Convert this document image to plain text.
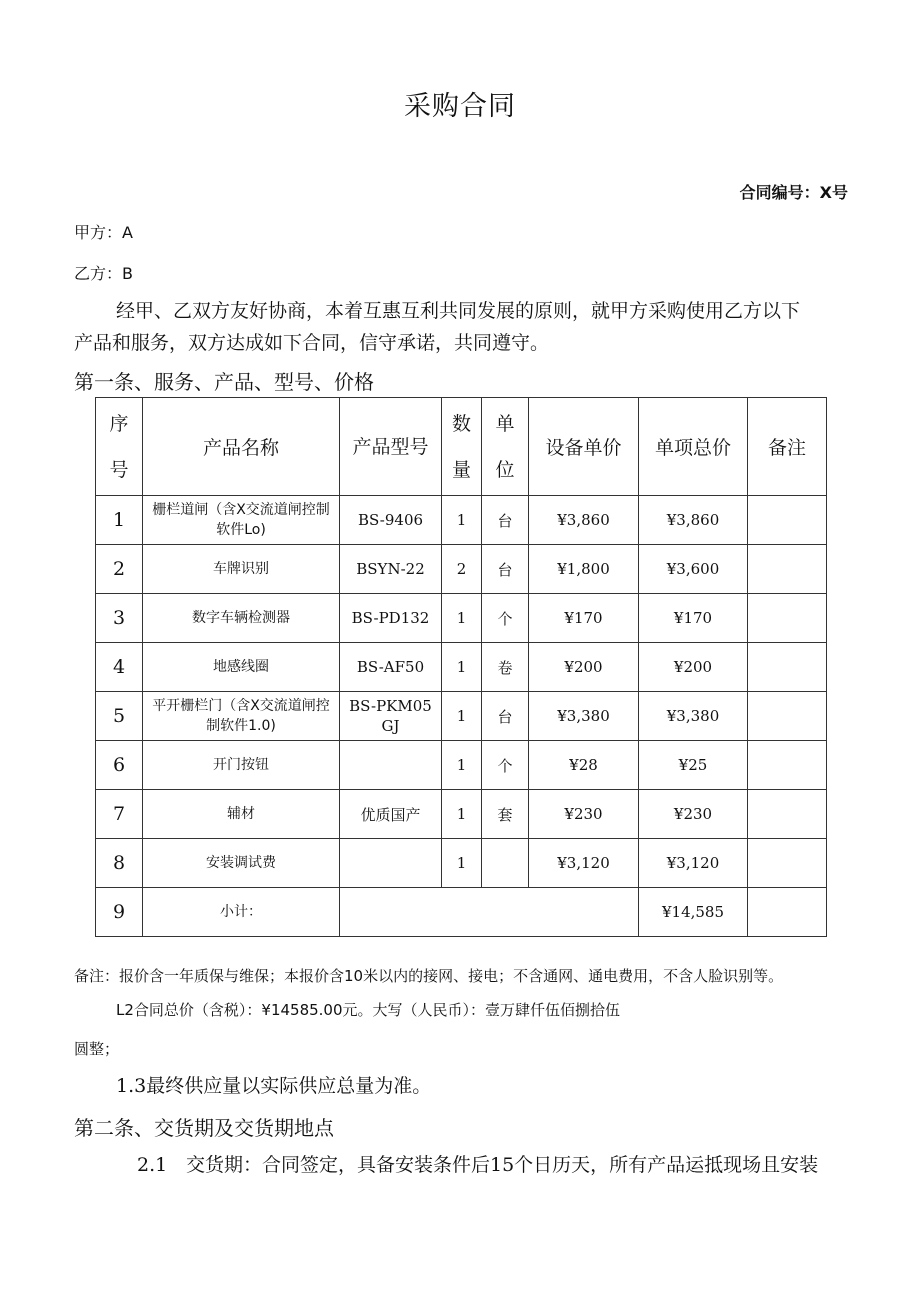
采购合同
合同编号：X号
甲方：A
乙方：B
经甲、乙双方友好协商，本着互惠互利共同发展的原则，就甲方采购使用乙方以下
产品和服务，双方达成如下合同，信守承诺，共同遵守。
第一条、服务、产品、型号、价格
序号	产品名称	产品型号	数量	单位	设备单价	单项总价	备注
1	栅栏道闸（含X交流道闸控制软件Lo)	BS-9406	1	台	¥3,860	¥3,860	
2	车牌识别	BSYN-22	2	台	¥1,800	¥3,600	
3	数字车辆检测器	BS-PD132	1	个	¥170	¥170	
4	地感线圈	BS-AF50	1	卷	¥200	¥200	
5	平开栅栏门（含X交流道闸控制软件1.0)	BS-PKM05GJ	1	台	¥3,380	¥3,380	
6	开门按钮		1	个	¥28	¥25	
7	辅材	优质国产	1	套	¥230	¥230	
8	安装调试费		1		¥3,120	¥3,120	
9	小计：					¥14,585	
备注：报价含一年质保与维保；本报价含10米以内的接网、接电；不含通网、通电费用，不含人脸识别等。
L2合同总价（含税）：¥14585.00元。大写（人民币）：壹万肆仟伍佰捌拾伍
圆整；
1.3最终供应量以实际供应总量为准。
第二条、交货期及交货期地点
2.1 交货期：合同签定，具备安装条件后15个日历天，所有产品运抵现场且安装
